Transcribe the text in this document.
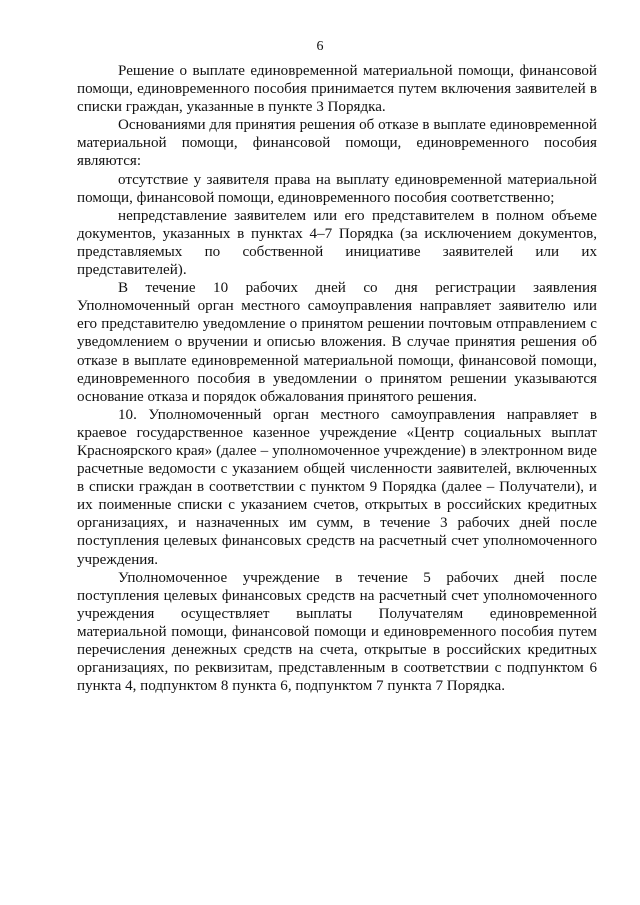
6

Решение о выплате единовременной материальной помощи, финансовой помощи, единовременного пособия принимается путем включения заявителей в списки граждан, указанные в пункте 3 Порядка.

Основаниями для принятия решения об отказе в выплате единовременной материальной помощи, финансовой помощи, единовременного пособия являются:

отсутствие у заявителя права на выплату единовременной материальной помощи, финансовой помощи, единовременного пособия соответственно;

непредставление заявителем или его представителем в полном объеме документов, указанных в пунктах 4–7 Порядка (за исключением документов, представляемых по собственной инициативе заявителей или их представителей).

В течение 10 рабочих дней со дня регистрации заявления Уполномоченный орган местного самоуправления направляет заявителю или его представителю уведомление о принятом решении почтовым отправлением с уведомлением о вручении и описью вложения. В случае принятия решения об отказе в выплате единовременной материальной помощи, финансовой помощи, единовременного пособия в уведомлении о принятом решении указываются основание отказа и порядок обжалования принятого решения.

10. Уполномоченный орган местного самоуправления направляет в краевое государственное казенное учреждение «Центр социальных выплат Красноярского края» (далее – уполномоченное учреждение) в электронном виде расчетные ведомости с указанием общей численности заявителей, включенных в списки граждан в соответствии с пунктом 9 Порядка (далее – Получатели), и их поименные списки с указанием счетов, открытых в российских кредитных организациях, и назначенных им сумм, в течение 3 рабочих дней после поступления целевых финансовых средств на расчетный счет уполномоченного учреждения.

Уполномоченное учреждение в течение 5 рабочих дней после поступления целевых финансовых средств на расчетный счет уполномоченного учреждения осуществляет выплаты Получателям единовременной материальной помощи, финансовой помощи и единовременного пособия путем перечисления денежных средств на счета, открытые в российских кредитных организациях, по реквизитам, представленным в соответствии с подпунктом 6 пункта 4, подпунктом 8 пункта 6, подпунктом 7 пункта 7 Порядка.
